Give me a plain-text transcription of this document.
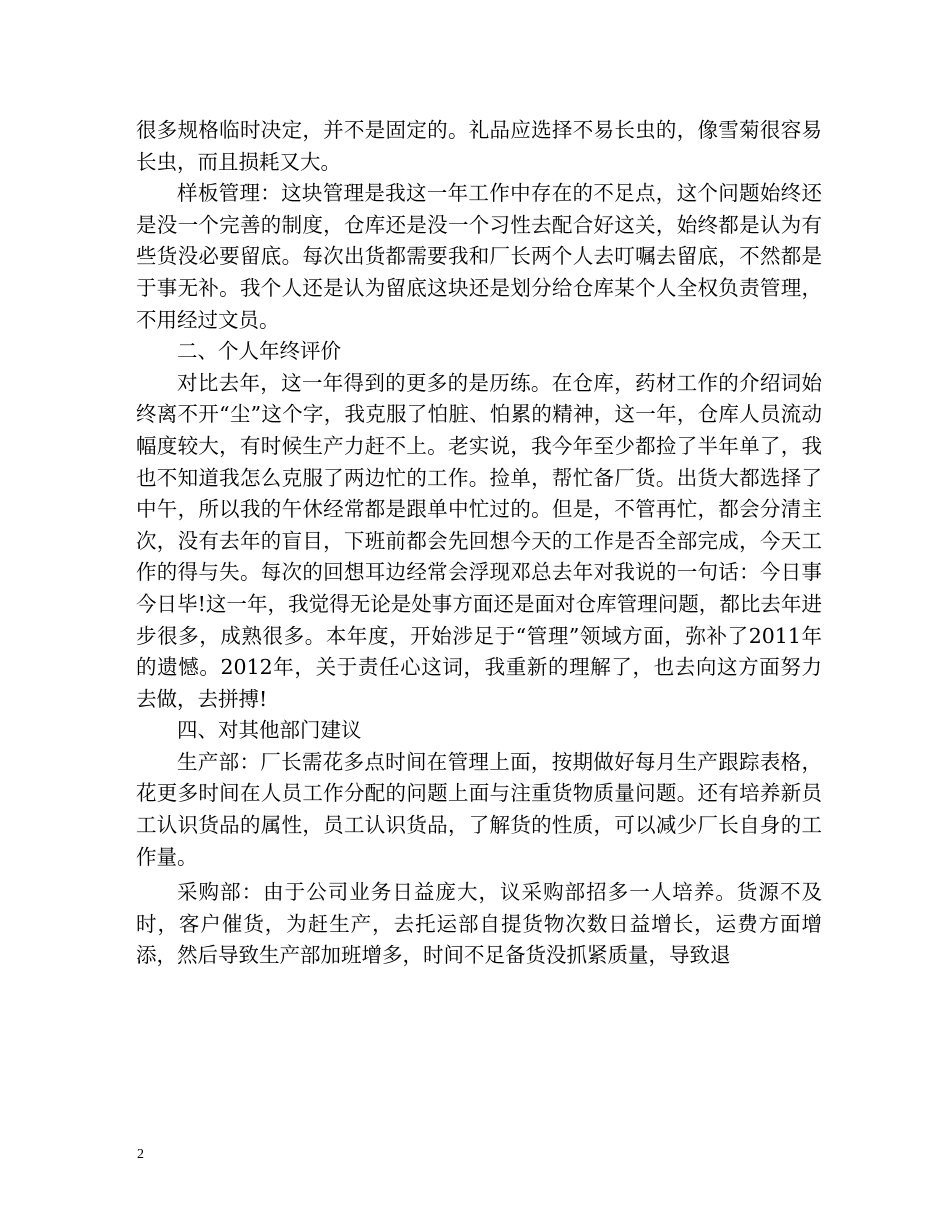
很多规格临时决定，并不是固定的。礼品应选择不易长虫的，像雪菊很容易长虫，而且损耗又大。

样板管理：这块管理是我这一年工作中存在的不足点，这个问题始终还是没一个完善的制度，仓库还是没一个习性去配合好这关，始终都是认为有些货没必要留底。每次出货都需要我和厂长两个人去叮嘱去留底，不然都是于事无补。我个人还是认为留底这块还是划分给仓库某个人全权负责管理，不用经过文员。

二、个人年终评价

对比去年，这一年得到的更多的是历练。在仓库，药材工作的介绍词始终离不开“尘”这个字，我克服了怕脏、怕累的精神，这一年，仓库人员流动幅度较大，有时候生产力赶不上。老实说，我今年至少都捡了半年单了，我也不知道我怎么克服了两边忙的工作。捡单，帮忙备厂货。出货大都选择了中午，所以我的午休经常都是跟单中忙过的。但是，不管再忙，都会分清主次，没有去年的盲目，下班前都会先回想今天的工作是否全部完成，今天工作的得与失。每次的回想耳边经常会浮现邓总去年对我说的一句话：今日事今日毕!这一年，我觉得无论是处事方面还是面对仓库管理问题，都比去年进步很多，成熟很多。本年度，开始涉足于“管理”领域方面，弥补了2011年的遗憾。2012年，关于责任心这词，我重新的理解了，也去向这方面努力去做，去拼搏!

四、对其他部门建议

生产部：厂长需花多点时间在管理上面，按期做好每月生产跟踪表格，花更多时间在人员工作分配的问题上面与注重货物质量问题。还有培养新员工认识货品的属性，员工认识货品，了解货的性质，可以减少厂长自身的工作量。

采购部：由于公司业务日益庞大，议采购部招多一人培养。货源不及时，客户催货，为赶生产，去托运部自提货物次数日益增长，运费方面增添，然后导致生产部加班增多，时间不足备货没抓紧质量，导致退

2
